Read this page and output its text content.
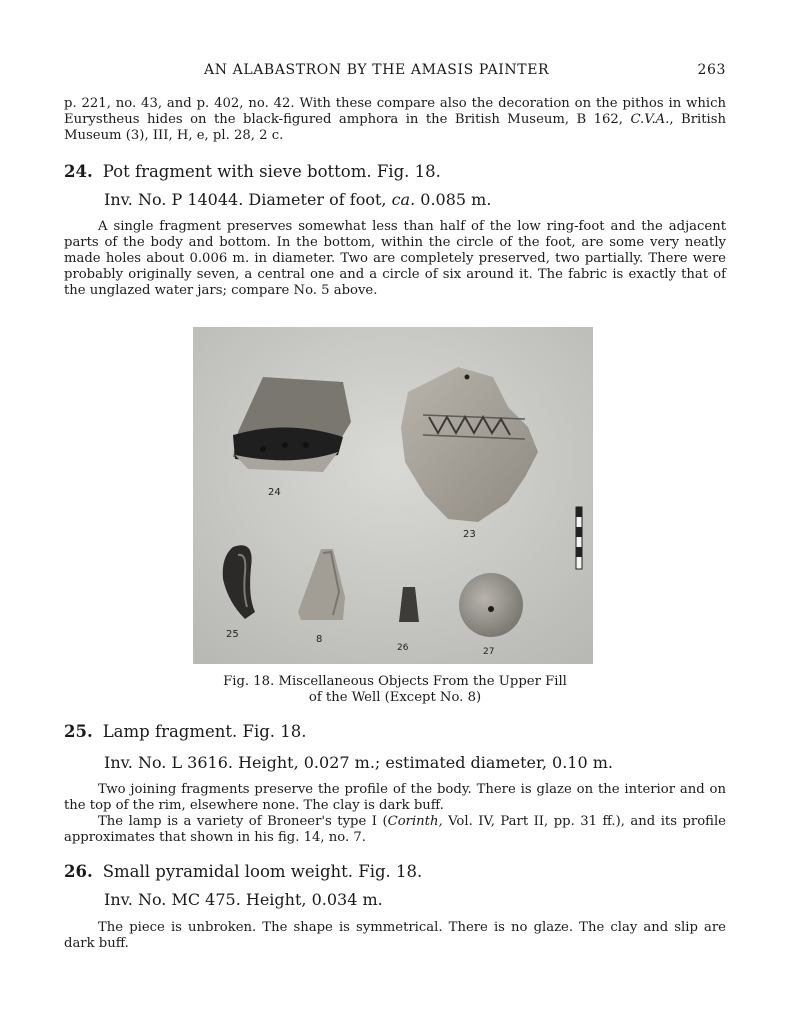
AN ALABASTRON BY THE AMASIS PAINTER	263

p. 221, no. 43, and p. 402, no. 42. With these compare also the decoration on the pithos in which Eurystheus hides on the black-figured amphora in the British Museum, B 162, C.V.A., British Museum (3), III, H, e, pl. 28, 2 c.

24. Pot fragment with sieve bottom. Fig. 18.
Inv. No. P 14044. Diameter of foot, ca. 0.085 m.

A single fragment preserves somewhat less than half of the low ring-foot and the adjacent parts of the body and bottom. In the bottom, within the circle of the foot, are some very neatly made holes about 0.006 m. in diameter. Two are completely preserved, two partially. There were probably originally seven, a central one and a circle of six around it. The fabric is exactly that of the unglazed water jars; compare No. 5 above.

24
23
25	8
26	27
Fig. 18. Miscellaneous Objects From the Upper Fill
of the Well (Except No. 8)
25. Lamp fragment. Fig. 18.
Inv. No. L 3616. Height, 0.027 m.; estimated diameter, 0.10 m.

Two joining fragments preserve the profile of the body. There is glaze on the interior and on the top of the rim, elsewhere none. The clay is dark buff.

The lamp is a variety of Broneer's type I (Corinth, Vol. IV, Part II, pp. 31 ff.), and its profile approximates that shown in his fig. 14, no. 7.

26. Small pyramidal loom weight. Fig. 18.
Inv. No. MC 475. Height, 0.034 m.

The piece is unbroken. The shape is symmetrical. There is no glaze. The clay and slip are dark buff.
